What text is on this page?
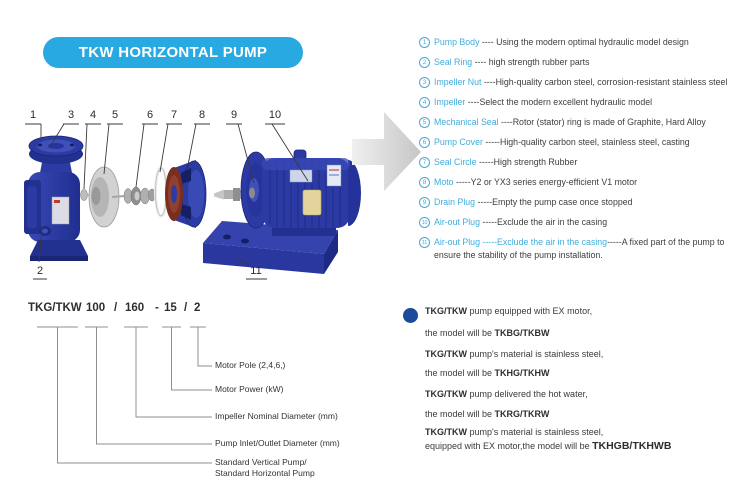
TKW HORIZONTAL PUMP
1
2
3 4 5	6 7 8 9	10
11
1 Pump Body ---- Using the modern optimal hydraulic model design
2 Seal Ring ---- high strength rubber parts
3 Impeller Nut ----High-quality carbon steel, corrosion-resistant stainless steel
4 Impeller ----Select the modern excellent hydraulic model
5 Mechanical Seal ----Rotor (stator) ring is made of Graphite, Hard Alloy
6 Pump Cover -----High-quality carbon steel, stainless steel, casting
7 Seal Circle -----High strength Rubber
8 Moto -----Y2 or YX3 series energy-efficient V1 motor
9 Drain Plug -----Empty the pump case once stopped
10 Air-out Plug -----Exclude the air in the casing
11 Air-out Plug -----Exclude the air in the casing-----A fixed part of the pump to ensure the stability of the pump installation.
TKG/TKW 100 / 160 - 15 / 2
Motor Pole (2,4,6,)
Motor Power (kW)
Impeller Nominal Diameter (mm)
Pump Inlet/Outlet Diameter (mm)
Standard Vertical Pump/
Standard Horizontal Pump
TKG/TKW pump equipped with EX motor,
the model will be TKBG/TKBW
TKG/TKW pump's material is stainless steel,
the model will be TKHG/TKHW
TKG/TKW pump delivered the hot water,
the model will be TKRG/TKRW
TKG/TKW pump's material is stainless steel,
equipped with EX motor,the model will be TKHGB/TKHWB
